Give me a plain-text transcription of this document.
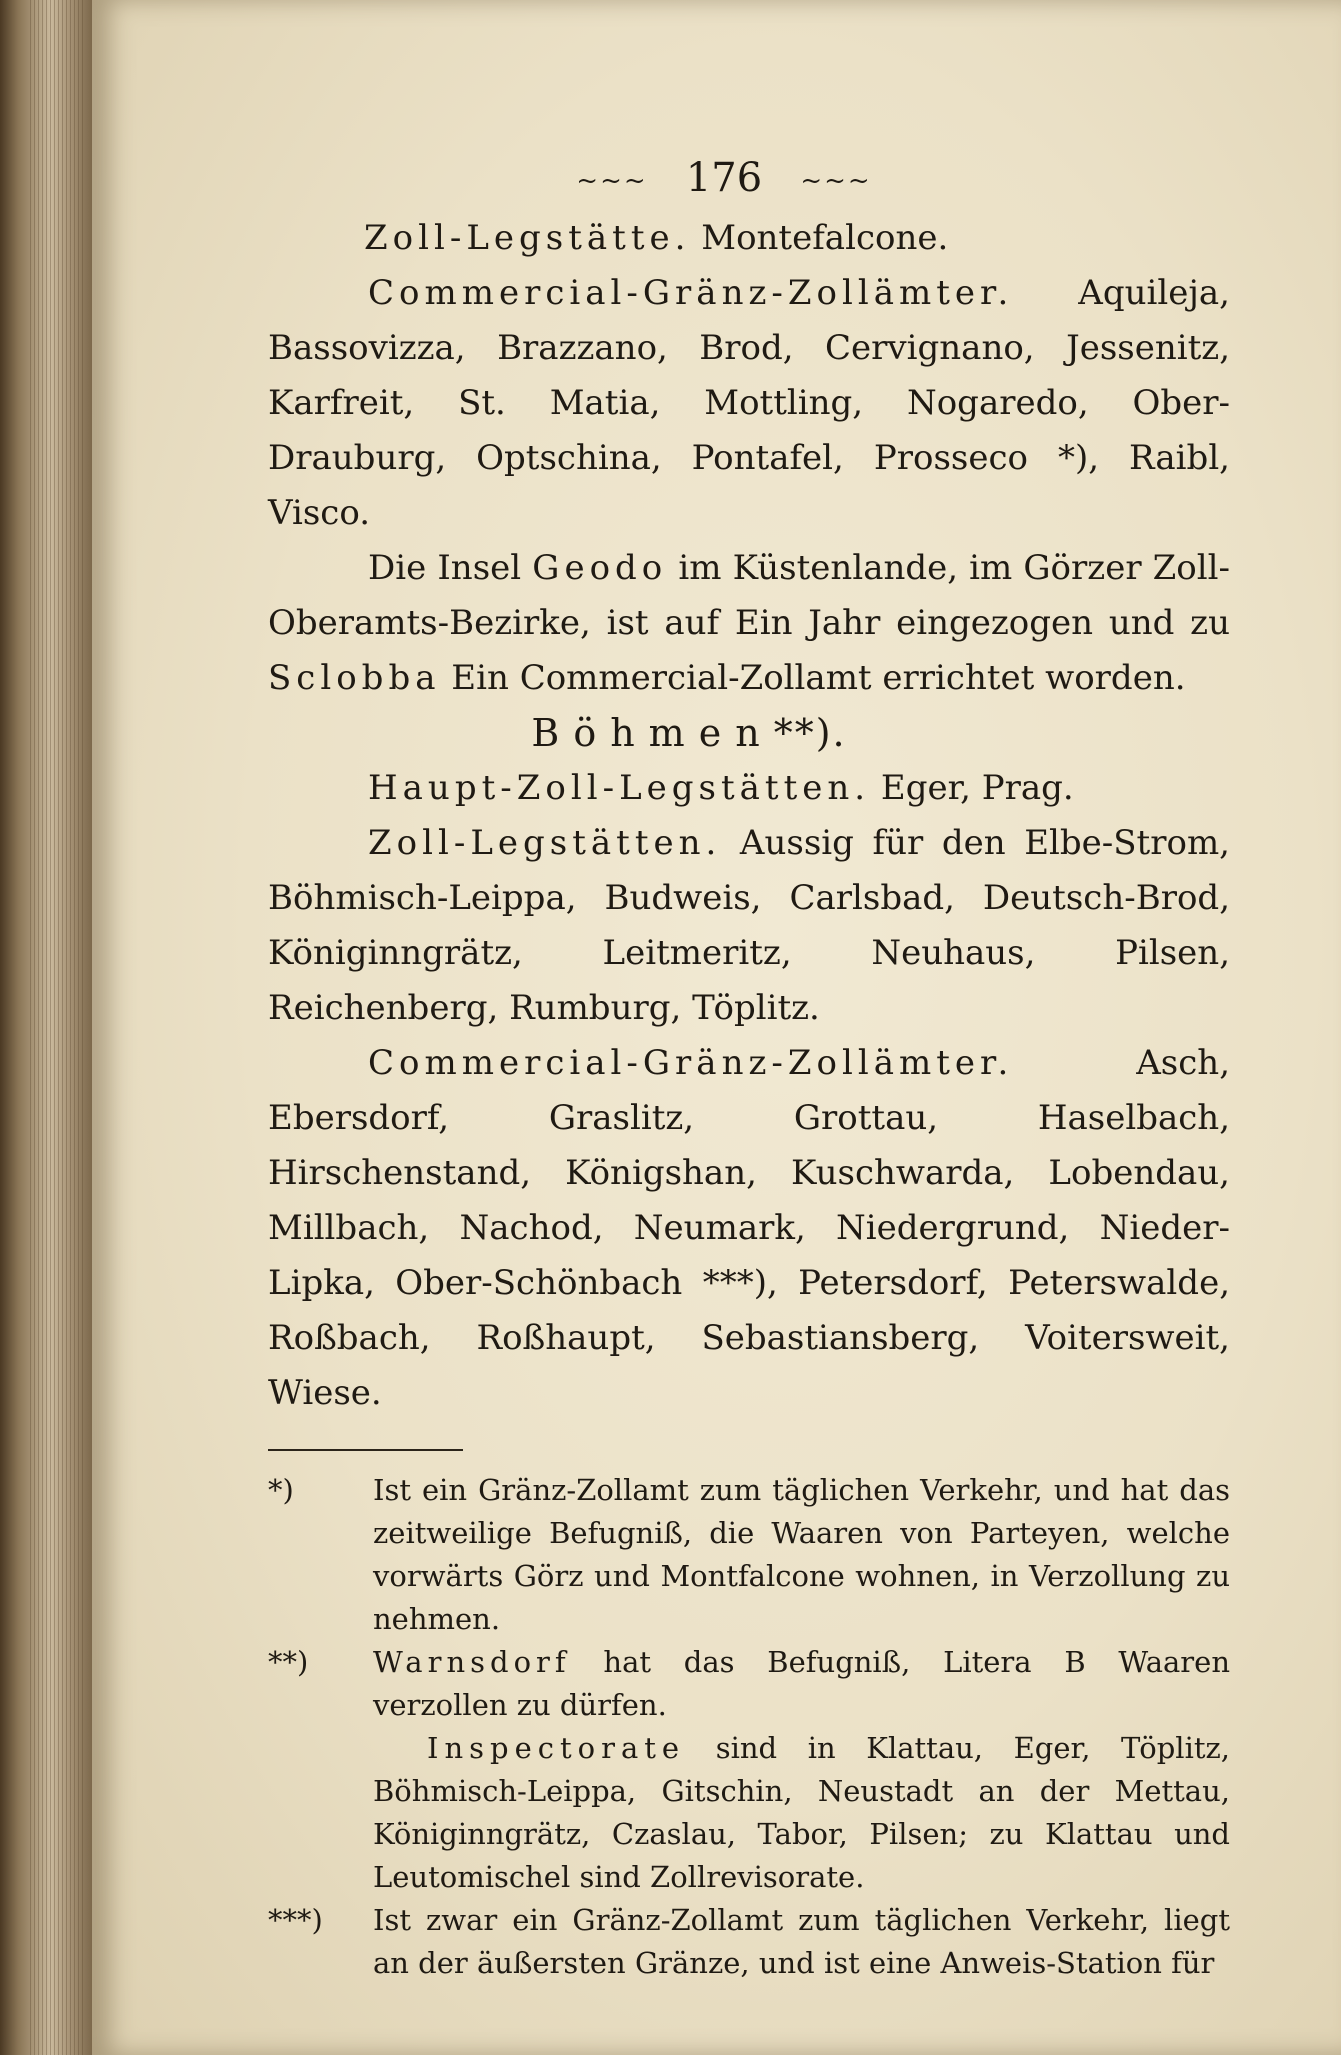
~~~ 176 ~~~

Zoll-Legstätte. Montefalcone.

Commercial-Gränz-Zollämter. Aquileja, Bassovizza, Brazzano, Brod, Cervignano, Jessenitz, Karfreit, St. Matia, Mottling, Nogaredo, Ober-Drauburg, Optschina, Pontafel, Prosseco *), Raibl, Visco.

Die Insel Geodo im Küstenlande, im Görzer Zoll-Oberamts-Bezirke, ist auf Ein Jahr eingezogen und zu Sclobba Ein Commercial-Zollamt errichtet worden.

Böhmen**).

Haupt-Zoll-Legstätten. Eger, Prag.

Zoll-Legstätten. Aussig für den Elbe-Strom, Böhmisch-Leippa, Budweis, Carlsbad, Deutsch-Brod, Königinngrätz, Leitmeritz, Neuhaus, Pilsen, Reichenberg, Rumburg, Töplitz.

Commercial-Gränz-Zollämter.	Asch, Ebersdorf, Graslitz, Grottau, Haselbach, Hirschenstand, Königshan, Kuschwarda, Lobendau, Millbach, Nachod, Neumark, Niedergrund, Nieder-Lipka, Ober-Schönbach ***), Petersdorf, Peterswalde, Roßbach, Roßhaupt, Sebastiansberg, Voitersweit, Wiese.

*)	Ist ein Gränz-Zollamt zum täglichen Verkehr, und hat das zeitweilige Befugniß, die Waaren von Parteyen, welche vorwärts Görz und Montfalcone wohnen, in Verzollung zu nehmen.

**)	Warnsdorf hat das Befugniß, Litera B Waaren verzollen zu dürfen.

Inspectorate sind in Klattau, Eger, Töplitz, Böhmisch-Leippa, Gitschin, Neustadt an der Mettau, Königinngrätz, Czaslau, Tabor, Pilsen; zu Klattau und Leutomischel sind Zollrevisorate.

***)	Ist zwar ein Gränz-Zollamt zum täglichen Verkehr, liegt an der äußersten Gränze, und ist eine Anweis-Station für
